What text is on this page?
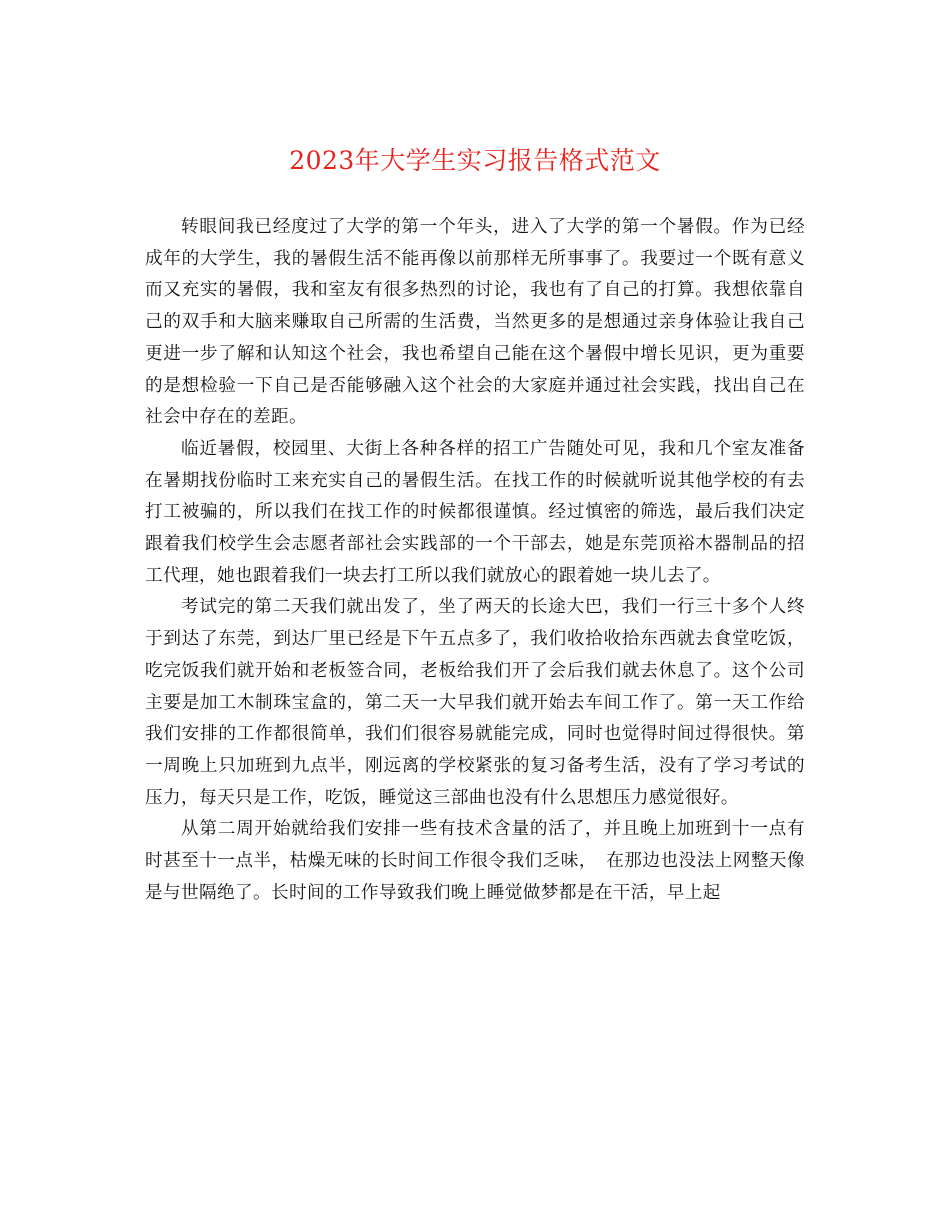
2023年大学生实习报告格式范文

转眼间我已经度过了大学的第一个年头，进入了大学的第一个暑假。作为已经成年的大学生，我的暑假生活不能再像以前那样无所事事了。我要过一个既有意义而又充实的暑假，我和室友有很多热烈的讨论，我也有了自己的打算。我想依靠自己的双手和大脑来赚取自己所需的生活费，当然更多的是想通过亲身体验让我自己更进一步了解和认知这个社会，我也希望自己能在这个暑假中增长见识，更为重要的是想检验一下自己是否能够融入这个社会的大家庭并通过社会实践，找出自己在社会中存在的差距。

临近暑假，校园里、大街上各种各样的招工广告随处可见，我和几个室友准备在暑期找份临时工来充实自己的暑假生活。在找工作的时候就听说其他学校的有去打工被骗的，所以我们在找工作的时候都很谨慎。经过慎密的筛选，最后我们决定跟着我们校学生会志愿者部社会实践部的一个干部去，她是东莞顶裕木器制品的招工代理，她也跟着我们一块去打工所以我们就放心的跟着她一块儿去了。

考试完的第二天我们就出发了，坐了两天的长途大巴，我们一行三十多个人终于到达了东莞，到达厂里已经是下午五点多了，我们收拾收拾东西就去食堂吃饭，吃完饭我们就开始和老板签合同，老板给我们开了会后我们就去休息了。这个公司主要是加工木制珠宝盒的，第二天一大早我们就开始去车间工作了。第一天工作给我们安排的工作都很简单，我们们很容易就能完成，同时也觉得时间过得很快。第一周晚上只加班到九点半，刚远离的学校紧张的复习备考生活，没有了学习考试的压力，每天只是工作，吃饭，睡觉这三部曲也没有什么思想压力感觉很好。

从第二周开始就给我们安排一些有技术含量的活了，并且晚上加班到十一点有时甚至十一点半，枯燥无味的长时间工作很令我们乏味，　在那边也没法上网整天像是与世隔绝了。长时间的工作导致我们晚上睡觉做梦都是在干活，早上起
